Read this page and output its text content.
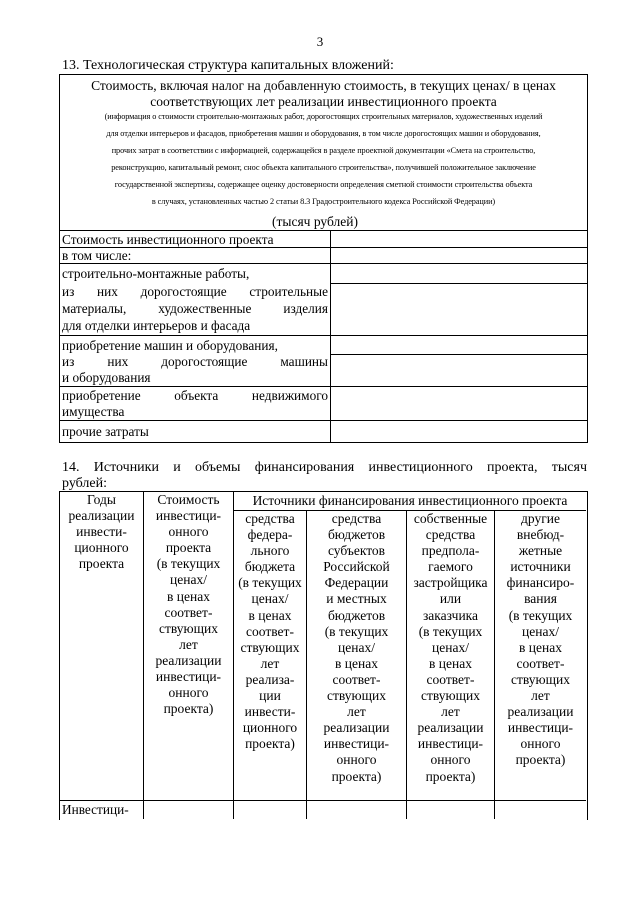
3
13. Технологическая структура капитальных вложений:
Стоимость, включая налог на добавленную стоимость, в текущих ценах/ в ценах
соответствующих лет реализации инвестиционного проекта
(информация о стоимости строительно-монтажных работ, дорогостоящих строительных материалов, художественных изделий
для отделки интерьеров и фасадов, приобретения машин и оборудования, в том числе дорогостоящих машин и оборудования,
прочих затрат в соответствии с информацией, содержащейся в разделе проектной документации «Смета на строительство,
реконструкцию, капитальный ремонт, снос объекта капитального строительства», получившей положительное заключение
государственной экспертизы, содержащее оценку достоверности определения сметной стоимости строительства объекта
в случаях, установленных частью 2 статьи 8.3 Градостроительного кодекса Российской Федерации)
(тысяч рублей)
Стоимость инвестиционного проекта
в том числе:
строительно-монтажные работы,
из них дорогостоящие строительные
материалы, художественные изделия
для отделки интерьеров и фасада
приобретение машин и оборудования,
из них дорогостоящие машины
и оборудования
приобретение объекта недвижимого
имущества
прочие затраты
14. Источники и объемы финансирования инвестиционного проекта, тысяч
рублей:
Годы
реализации
инвести-
ционного
проекта
Стоимость
инвестици-
онного
проекта
(в текущих
ценах/
в ценах
соответ-
ствующих
лет
реализации
инвестици-
онного
проекта)
Источники финансирования инвестиционного проекта
средства
федера-
льного
бюджета
(в текущих
ценах/
в ценах
соответ-
ствующих
лет
реализа-
ции
инвести-
ционного
проекта)
средства
бюджетов
субъектов
Российской
Федерации
и местных
бюджетов
(в текущих
ценах/
в ценах
соответ-
ствующих
лет
реализации
инвестици-
онного
проекта)
собственные
средства
предпола-
гаемого
застройщика
или
заказчика
(в текущих
ценах/
в ценах
соответ-
ствующих
лет
реализации
инвестици-
онного
проекта)
другие
внебюд-
жетные
источники
финансиро-
вания
(в текущих
ценах/
в ценах
соответ-
ствующих
лет
реализации
инвестици-
онного
проекта)
Инвестици-
